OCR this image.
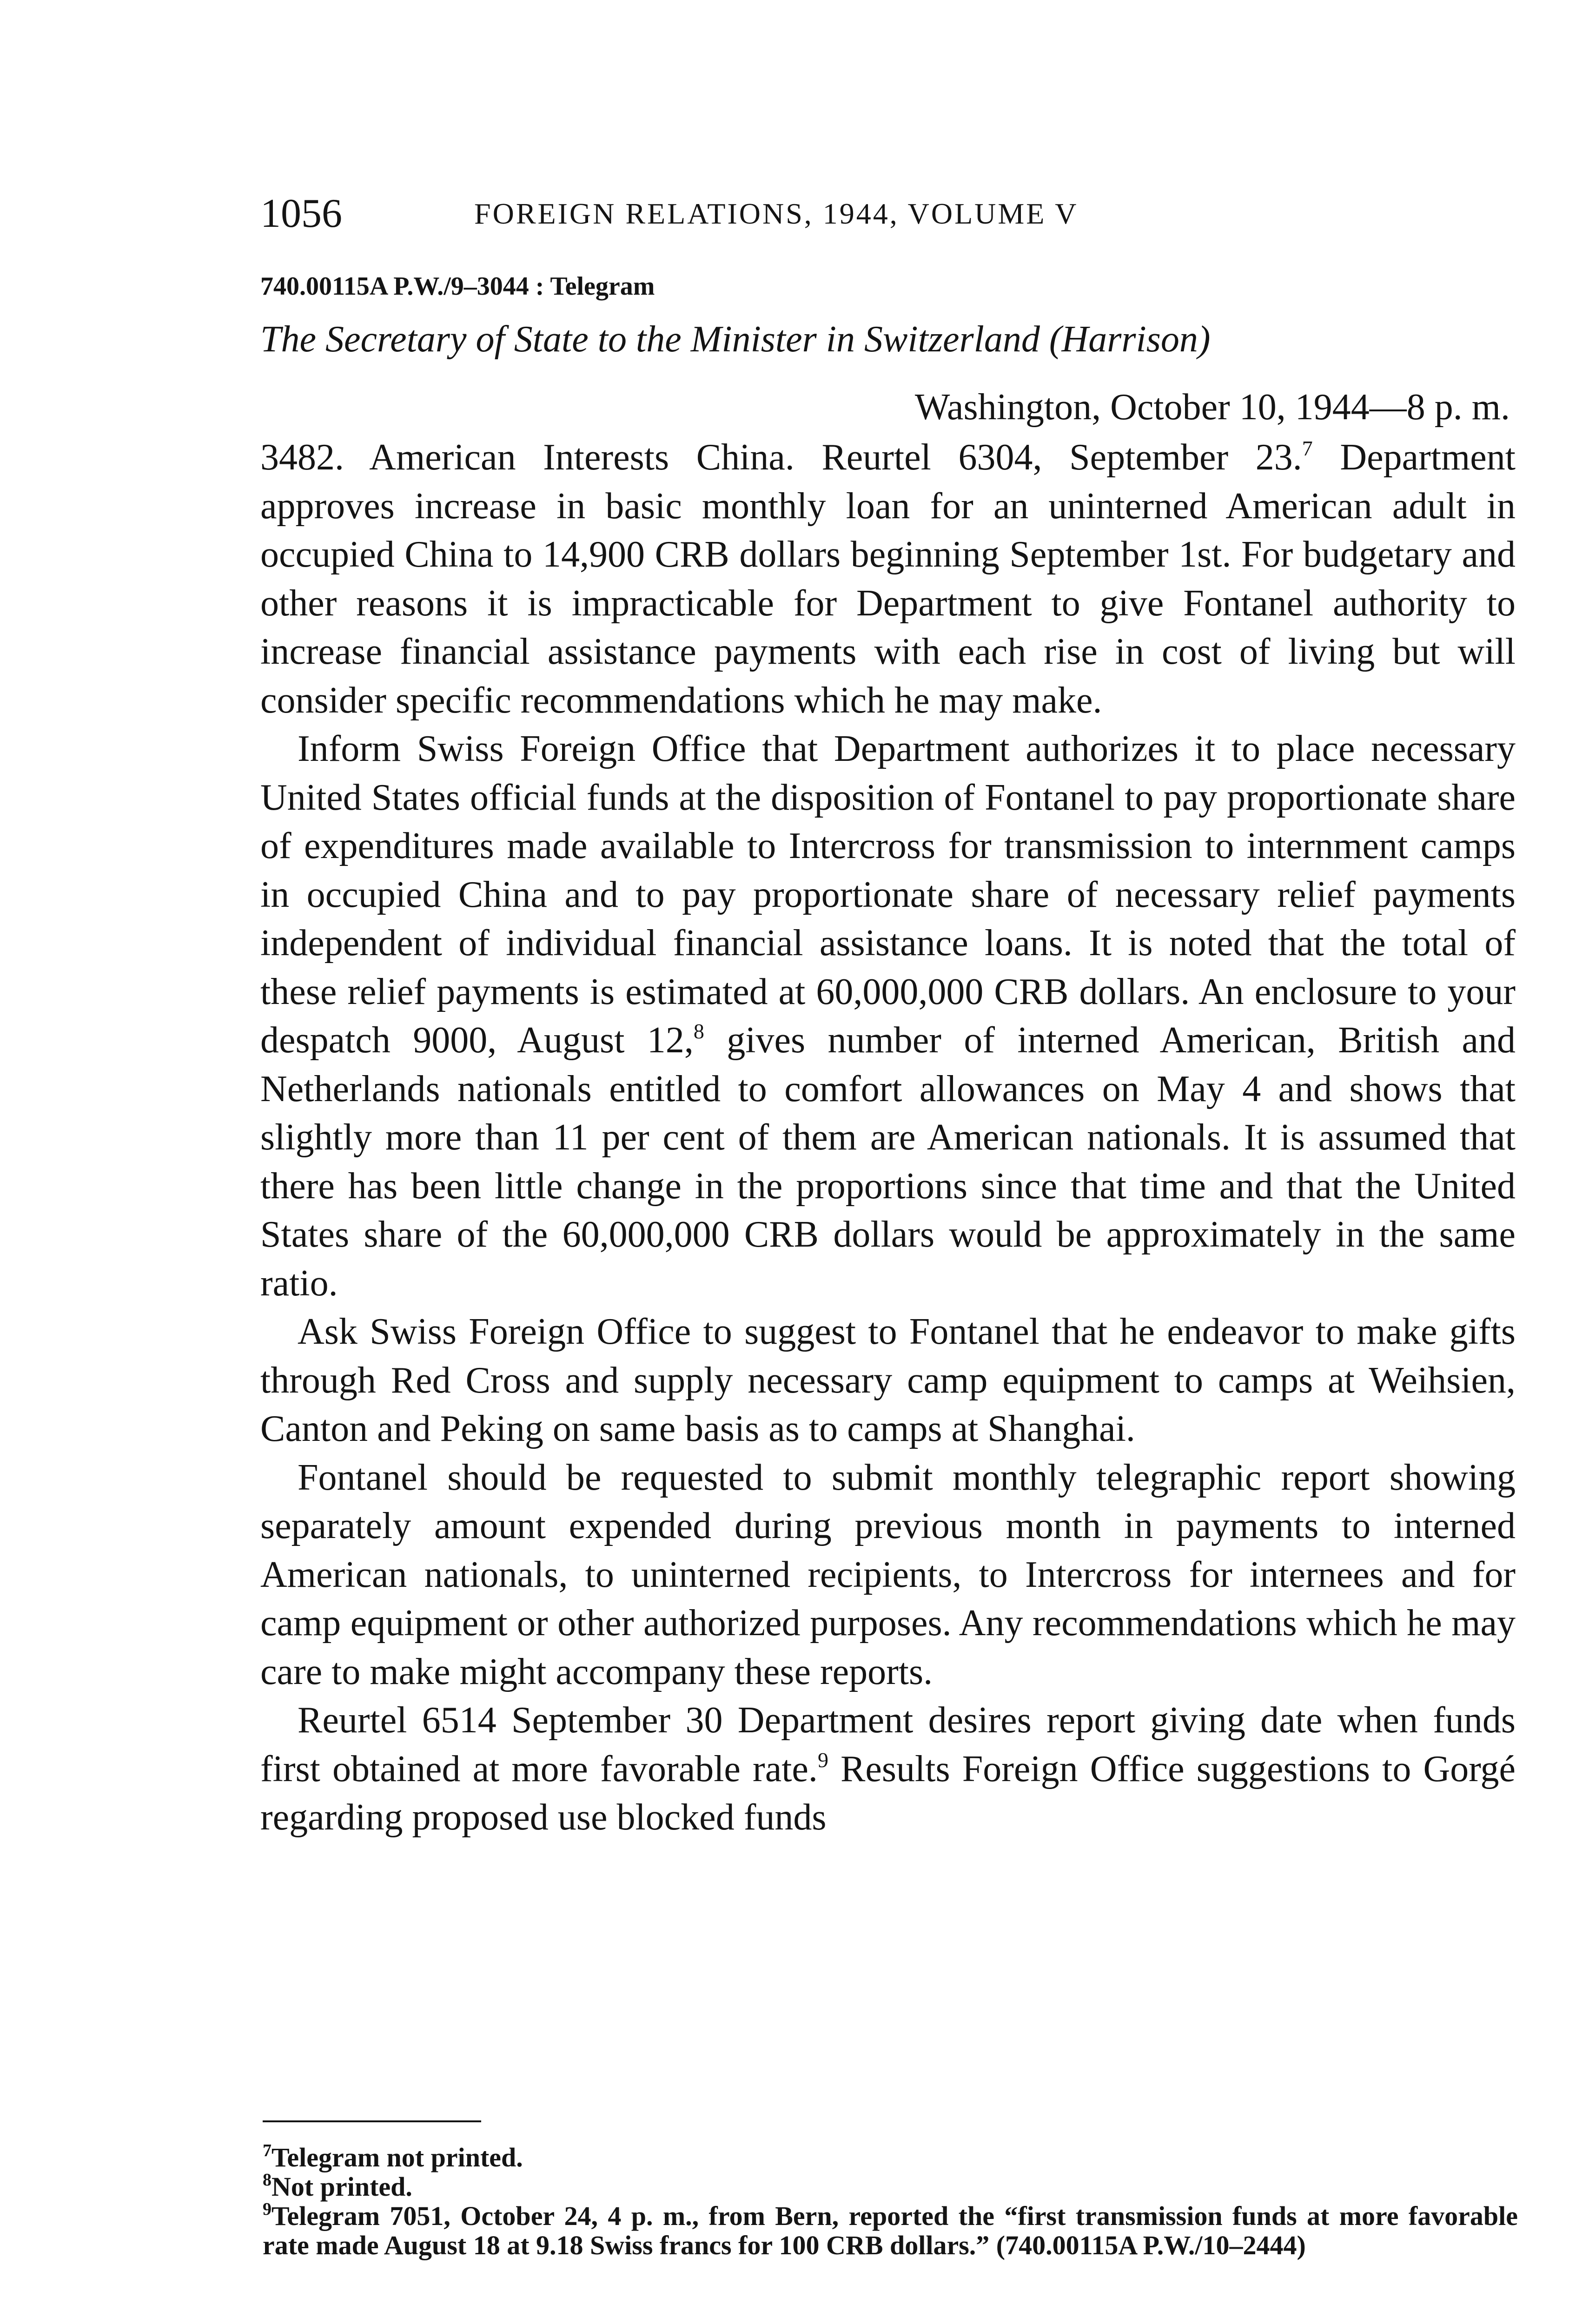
1056	FOREIGN RELATIONS, 1944, VOLUME V
740.00115A P.W./9–3044 : Telegram
The Secretary of State to the Minister in Switzerland (Harrison)
Washington, October 10, 1944—8 p. m.

3482. American Interests China. Reurtel 6304, September 23.$^7$ Department approves increase in basic monthly loan for an uninterned American adult in occupied China to 14,900 CRB dollars beginning September 1st. For budgetary and other reasons it is impracticable for Department to give Fontanel authority to increase financial assistance payments with each rise in cost of living but will consider specific recommendations which he may make.

Inform Swiss Foreign Office that Department authorizes it to place necessary United States official funds at the disposition of Fontanel to pay proportionate share of expenditures made available to Intercross for transmission to internment camps in occupied China and to pay proportionate share of necessary relief payments independent of individual financial assistance loans. It is noted that the total of these relief payments is estimated at 60,000,000 CRB dollars. An enclosure to your despatch 9000, August 12,$^8$ gives number of interned American, British and Netherlands nationals entitled to comfort allowances on May 4 and shows that slightly more than 11 per cent of them are American nationals. It is assumed that there has been little change in the proportions since that time and that the United States share of the 60,000,000 CRB dollars would be approximately in the same ratio.

Ask Swiss Foreign Office to suggest to Fontanel that he endeavor to make gifts through Red Cross and supply necessary camp equipment to camps at Weihsien, Canton and Peking on same basis as to camps at Shanghai.

Fontanel should be requested to submit monthly telegraphic report showing separately amount expended during previous month in payments to interned American nationals, to uninterned recipients, to Intercross for internees and for camp equipment or other authorized purposes. Any recommendations which he may care to make might accompany these reports.

Reurtel 6514 September 30 Department desires report giving date when funds first obtained at more favorable rate.$^9$ Results Foreign Office suggestions to Gorgé regarding proposed use blocked funds

$^7$Telegram not printed.

$^8$Not printed.

$^9$Telegram 7051, October 24, 4 p. m., from Bern, reported the “first transmission funds at more favorable rate made August 18 at 9.18 Swiss francs for 100 CRB dollars.” (740.00115A P.W./10–2444)
